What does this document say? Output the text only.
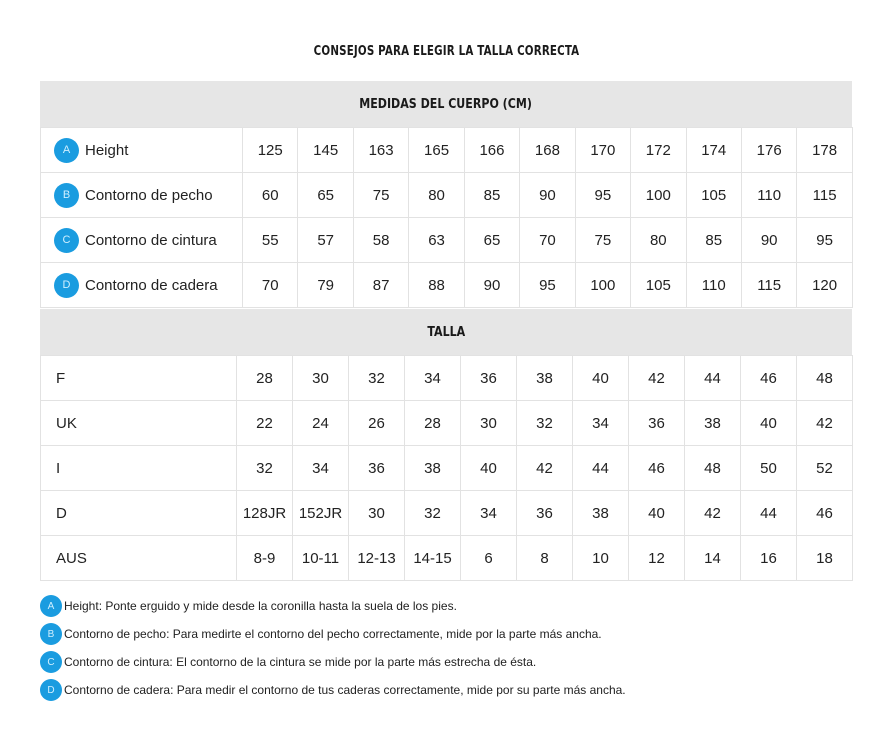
CONSEJOS PARA ELEGIR LA TALLA CORRECTA
MEDIDAS DEL CUERPO (CM)
A Height	125	145	163	165	166	168	170	172	174	176	178

B Contorno de pecho	60	65	75	80	85	90	95	100	105	110	115

C Contorno de cintura	55	57	58	63	65	70	75	80	85	90	95

D Contorno de cadera	70	79	87	88	90	95	100	105	110	115	120
TALLA
F	28	30	32	34	36	38	40	42	44	46	48

UK	22	24	26	28	30	32	34	36	38	40	42

I	32	34	36	38	40	42	44	46	48	50	52

D	128JR	152JR	30	32	34	36	38	40	42	44	46

AUS	8-9	10-11	12-13	14-15	6	8	10	12	14	16	18
A Height: Ponte erguido y mide desde la coronilla hasta la suela de los pies.
B Contorno de pecho: Para medirte el contorno del pecho correctamente, mide por la parte más ancha.
C Contorno de cintura: El contorno de la cintura se mide por la parte más estrecha de ésta.
D Contorno de cadera: Para medir el contorno de tus caderas correctamente, mide por su parte más ancha.
